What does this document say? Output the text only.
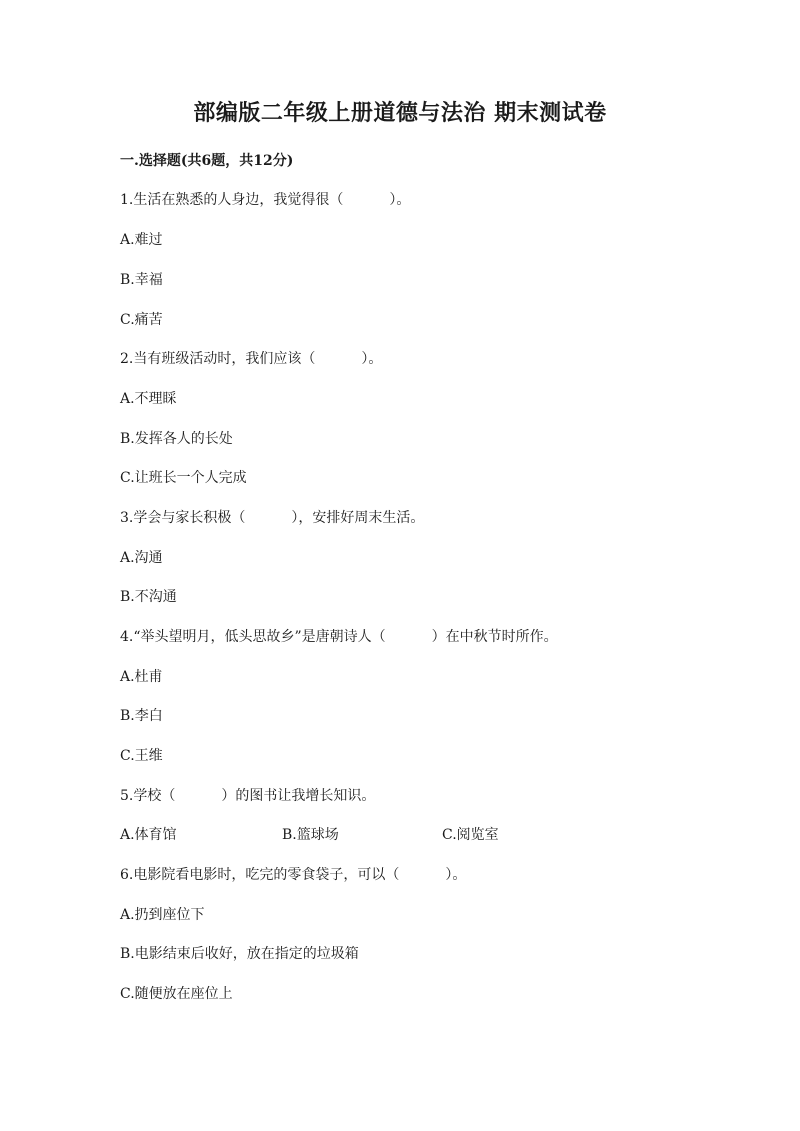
部编版二年级上册道德与法治 期末测试卷
一.选择题(共6题，共12分)
1.生活在熟悉的人身边，我觉得很（	）。
A.难过
B.幸福
C.痛苦
2.当有班级活动时，我们应该（	）。
A.不理睬
B.发挥各人的长处
C.让班长一个人完成
3.学会与家长积极（	），安排好周末生活。
A.沟通
B.不沟通
4.“举头望明月，低头思故乡”是唐朝诗人（	）在中秋节时所作。
A.杜甫
B.李白
C.王维
5.学校（	）的图书让我增长知识。
A.体育馆	B.篮球场	C.阅览室
6.电影院看电影时，吃完的零食袋子，可以（	）。
A.扔到座位下
B.电影结束后收好，放在指定的垃圾箱
C.随便放在座位上
